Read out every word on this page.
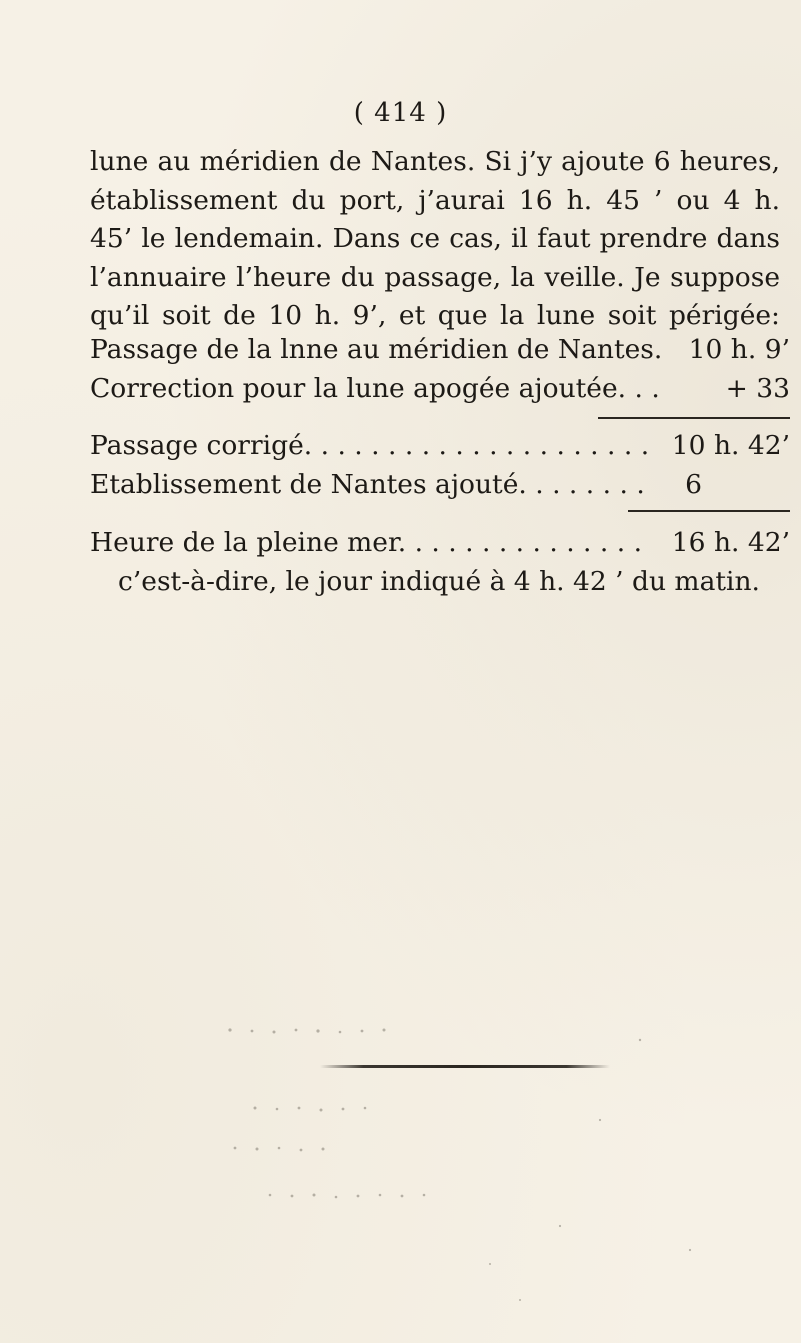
( 414 )
lune au méridien de Nantes. Si j’y ajoute 6 heures,
établissement du port, j’aurai 16 h. 45 ’ ou 4 h.
45’ le lendemain. Dans ce cas, il faut prendre dans
l’annuaire l’heure du passage, la veille. Je suppose
qu’il soit de 10 h. 9’, et que la lune soit périgée:
Passage de la lnne au méridien de Nantes. 10 h. 9’
Correction pour la lune apogée ajoutée. . . + 33
Passage corrigé. . . . . . . . . . . . . . . . . . . . . 10 h. 42’
Etablissement de Nantes ajouté. . . . . . . . 6
Heure de la pleine mer. . . . . . . . . . . . . . . 16 h. 42’
c’est-à-dire, le jour indiqué à 4 h. 42 ’ du matin.
